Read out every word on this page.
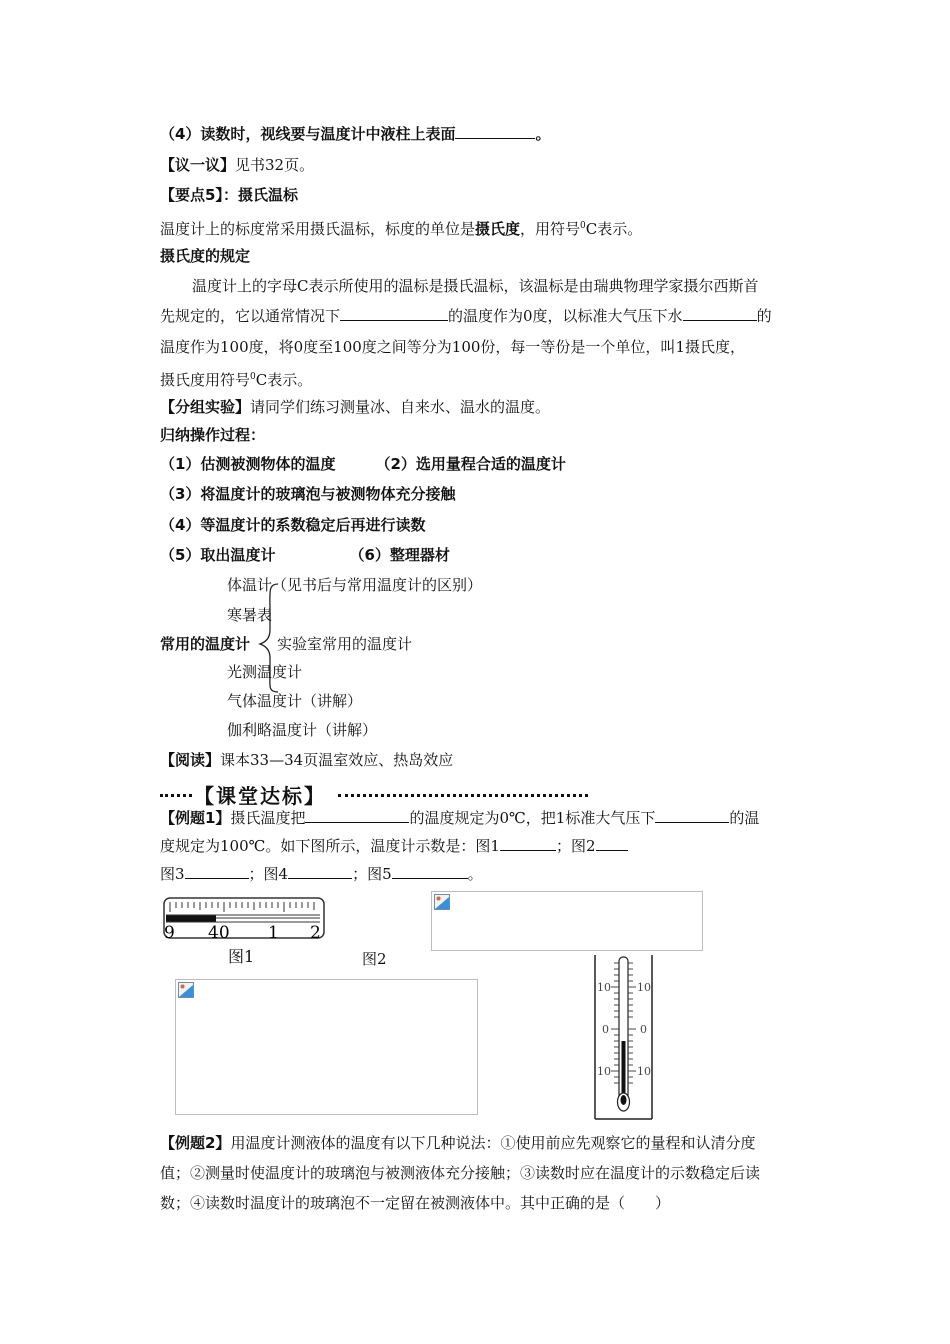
（4）读数时，视线要与温度计中液柱上表面	。
【议一议】见书32页。
【要点5】：摄氏温标
温度计上的标度常采用摄氏温标，标度的单位是摄氏度，用符号$^0$C表示。
摄氏度的规定
温度计上的字母C表示所使用的温标是摄氏温标，该温标是由瑞典物理学家摄尔西斯首
先规定的，它以通常情况下	的温度作为0度，以标准大气压下水	的
温度作为100度，将0度至100度之间等分为100份，每一等份是一个单位，叫1摄氏度，
摄氏度用符号$^0$C表示。
【分组实验】请同学们练习测量冰、自来水、温水的温度。
归纳操作过程：
（1）估测被测物体的温度	（2）选用量程合适的温度计
（3）将温度计的玻璃泡与被测物体充分接触
（4）等温度计的系数稳定后再进行读数
（5）取出温度计	（6）整理器材
体温计（见书后与常用温度计的区别）
寒暑表
常用的温度计 实验室常用的温度计
光测温度计
气体温度计（讲解）
伽利略温度计（讲解）
【阅读】课本33—34页温室效应、热岛效应
【课堂达标】
【例题1】摄氏温度把	的温度规定为0℃，把1标准大气压下	的温
度规定为100℃。如下图所示，温度计示数是：图1	；图2
图3	；图4	；图5	。
9 40 1 2
图1	图2
10
0
10
10
0
10
【例题2】用温度计测液体的温度有以下几种说法：①使用前应先观察它的量程和认清分度
值；②测量时使温度计的玻璃泡与被测液体充分接触；③读数时应在温度计的示数稳定后读
数；④读数时温度计的玻璃泡不一定留在被测液体中。其中正确的是（　　）
